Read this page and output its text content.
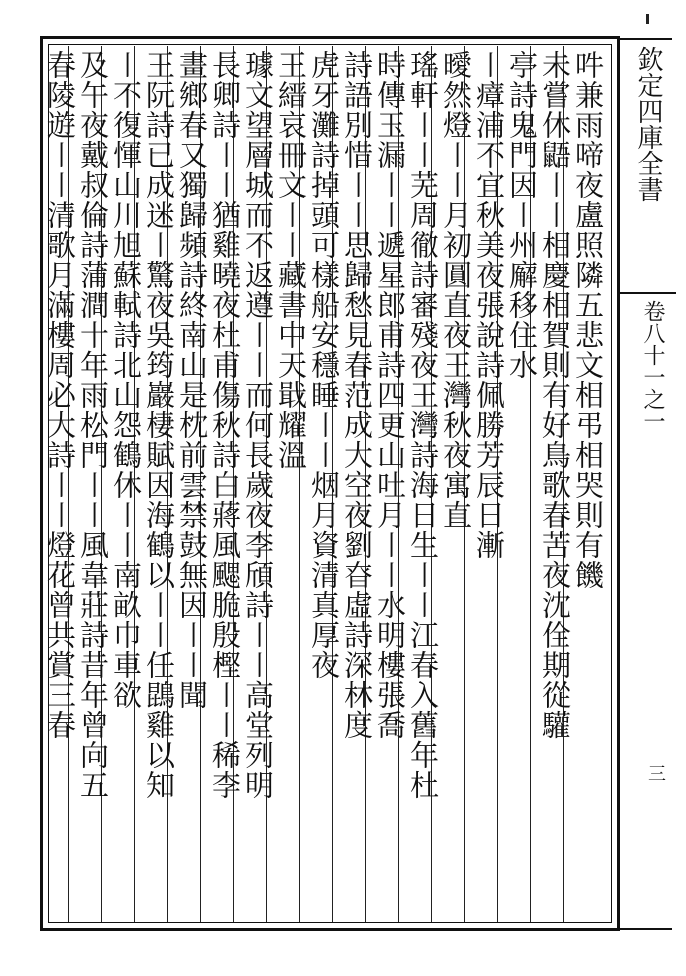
欽定四庫全書
卷八十一之一
三
吽兼雨啼夜盧照隣五悲文相弔相哭則有饑
未嘗休鼯〡〡相慶相賀則有好鳥歌春苦夜沈佺期從驩
亭詩鬼門因〡州廨移住水
〡瘴浦不宜秋美夜張說詩佩勝芳辰日漸
曖然燈〡〡月初圓直夜王灣秋夜寓直
瑤軒〡〡芜周徹詩審殘夜王灣詩海日生〡〡江春入舊年杜
時傳玉漏〡〡遞星郎甫詩四更山吐月〡〡水明樓張喬
詩語別惜〡〡思歸愁見春范成大空夜劉昚虛詩深林度
虎牙灘詩掉頭可樣船安穩睡〡〡烟月資清真厚夜
王縉哀冊文〡〡藏書中天戢耀溫
璩文望層城而不返遵〡〡而何長歲夜李頎詩〡〡高堂列明
長卿詩〡〡猶雞曉夜杜甫傷秋詩白蔣風颸脆殷樫〡〡稀李
畫鄉春又獨歸頻詩終南山是枕前雲禁鼓無因〡〡聞
王阮詩已成迷〡驚夜吳筠巖棲賦因海鶴以〡〡任鵾雞以知
〡不復惲山川旭蘇軾詩北山怨鶴休〡〡南畝巾車欲
及午夜戴叔倫詩蒲澗十年雨松門〡〡風韋莊詩昔年曾向五
春陵遊〡〡清歌月滿樓周必大詩〡〡燈花曾共賞三春
